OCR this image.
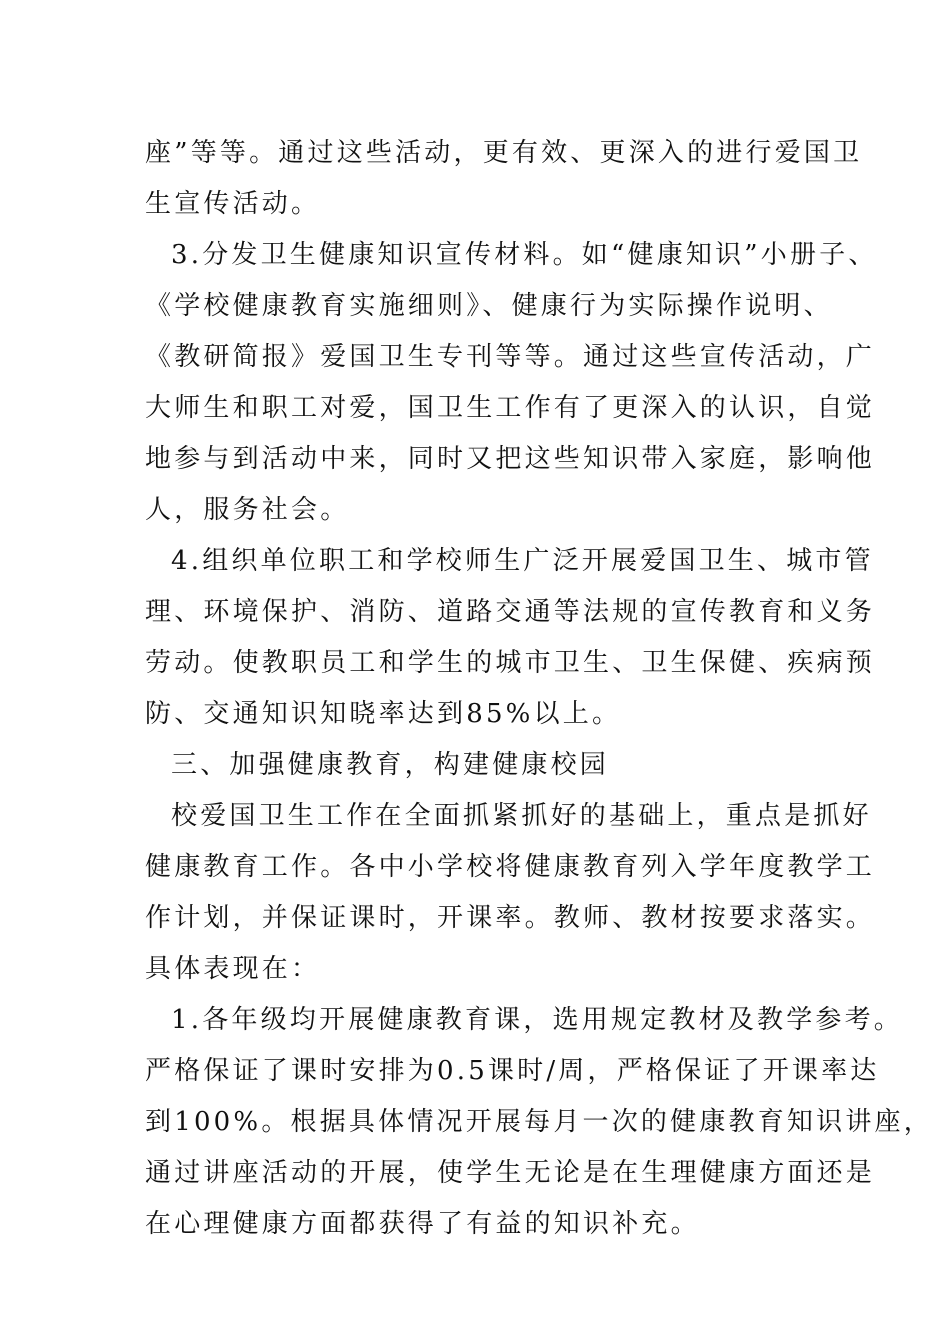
座”等等。通过这些活动，更有效、更深入的进行爱国卫
生宣传活动。
3.分发卫生健康知识宣传材料。如“健康知识”小册子、
《学校健康教育实施细则》、健康行为实际操作说明、
《教研简报》爱国卫生专刊等等。通过这些宣传活动，广
大师生和职工对爱，国卫生工作有了更深入的认识，自觉
地参与到活动中来，同时又把这些知识带入家庭，影响他
人，服务社会。
4.组织单位职工和学校师生广泛开展爱国卫生、城市管
理、环境保护、消防、道路交通等法规的宣传教育和义务
劳动。使教职员工和学生的城市卫生、卫生保健、疾病预
防、交通知识知晓率达到85%以上。
三、加强健康教育，构建健康校园
校爱国卫生工作在全面抓紧抓好的基础上，重点是抓好
健康教育工作。各中小学校将健康教育列入学年度教学工
作计划，并保证课时，开课率。教师、教材按要求落实。
具体表现在：
1.各年级均开展健康教育课，选用规定教材及教学参考。
严格保证了课时安排为0.5课时/周，严格保证了开课率达
到100%。根据具体情况开展每月一次的健康教育知识讲座，
通过讲座活动的开展，使学生无论是在生理健康方面还是
在心理健康方面都获得了有益的知识补充。
